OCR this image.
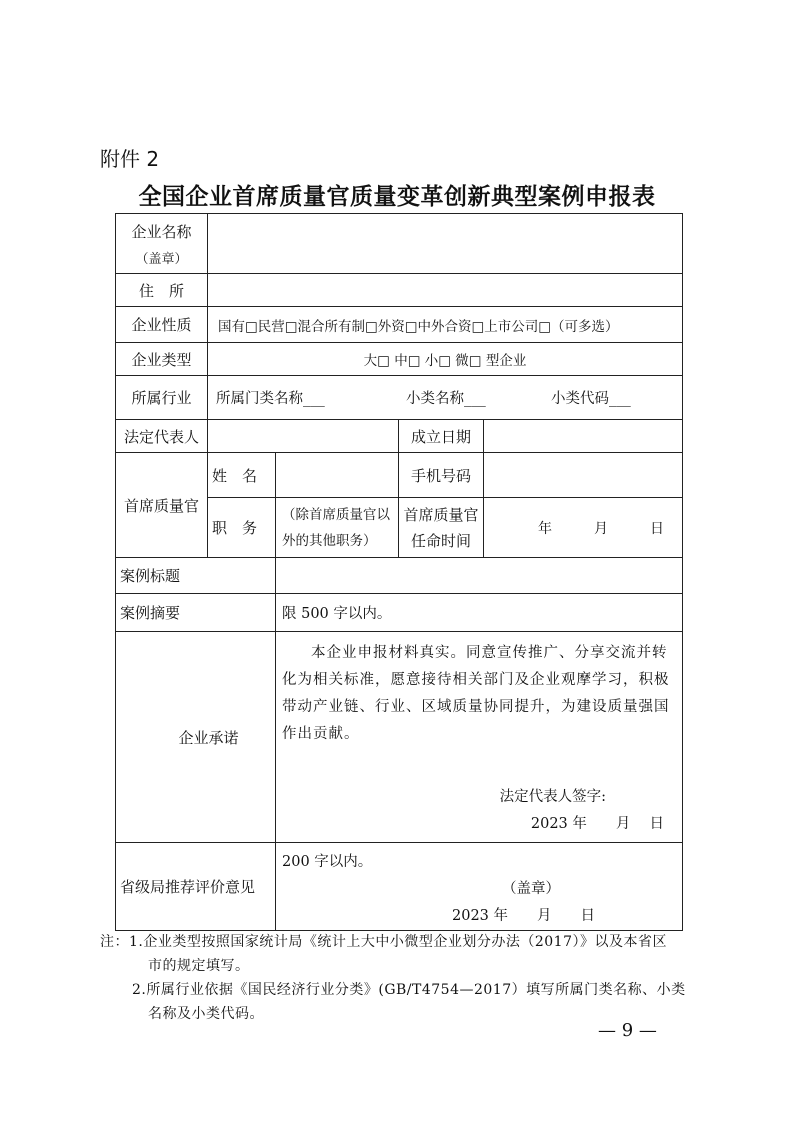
附件 2
全国企业首席质量官质量变革创新典型案例申报表
企业名称
（盖章）				

住　所				
企业性质	国有□民营□混合所有制□外资□中外合资□上市公司□（可多选）			
企业类型	大□ 中□ 小□ 微□ 型企业			
所属行业	所属门类名称___ 小类名称___ 小类代码___			
法定代表人			成立日期	
首席质量官	姓　名		手机号码	
	职　务	（除首席质量官以外的其他职务）	首席质量官任命时间	年　　　月　　　日
案例标题				
案例摘要		限 500 字以内。		
企业承诺		本企业申报材料真实。同意宣传推广、分享交流并转化为相关标准，愿意接待相关部门及企业观摩学习，积极带动产业链、行业、区域质量协同提升，为建设质量强国作出贡献。

法定代表人签字:
2023 年　　月　 日		

省级局推荐评价意见		200 字以内。
（盖章）
2023 年　　月　　日		
注：1.企业类型按照国家统计局《统计上大中小微型企业划分办法（2017）》以及本省区
市的规定填写。
2.所属行业依据《国民经济行业分类》(GB/T4754—2017）填写所属门类名称、小类
名称及小类代码。
— 9 —
